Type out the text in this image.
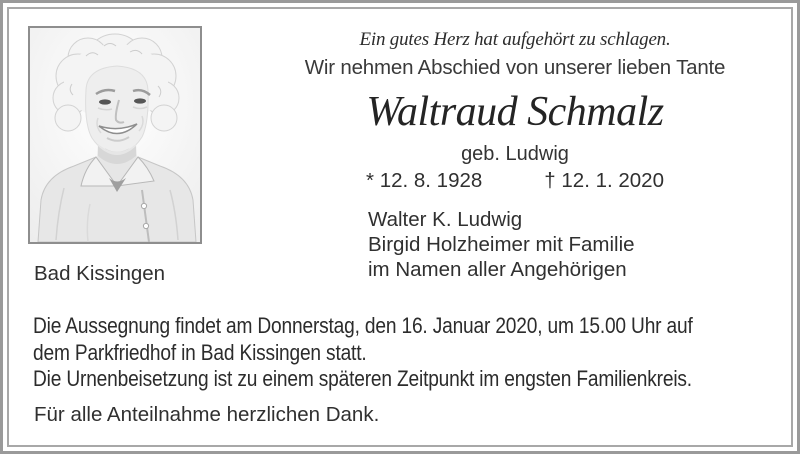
Ein gutes Herz hat aufgehört zu schlagen.
Wir nehmen Abschied von unserer lieben Tante
Waltraud Schmalz
geb. Ludwig
* 12. 8. 1928	† 12. 1. 2020
Walter K. Ludwig
Birgid Holzheimer mit Familie
im Namen aller Angehörigen
Bad Kissingen
Die Aussegnung findet am Donnerstag, den 16. Januar 2020, um 15.00 Uhr auf
dem Parkfriedhof in Bad Kissingen statt.
Die Urnenbeisetzung ist zu einem späteren Zeitpunkt im engsten Familienkreis.
Für alle Anteilnahme herzlichen Dank.
